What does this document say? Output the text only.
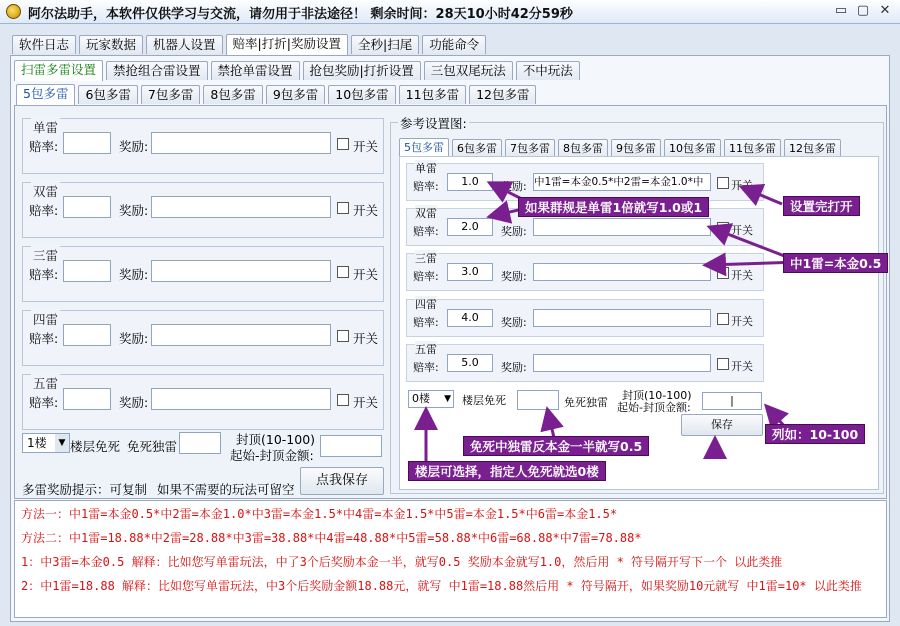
阿尔法助手，本软件仅供学习与交流，请勿用于非法途径！ 剩余时间：28天10小时42分59秒	▭ ▢ ✕
软件日志	玩家数据	机器人设置	赔率|打折|奖励设置	全秒|扫尾	功能命令
扫雷多雷设置	禁抢组合雷设置	禁抢单雷设置	抢包奖励|打折设置	三包双尾玩法	不中玩法
5包多雷	6包多雷	7包多雷	8包多雷	9包多雷	10包多雷	11包多雷	12包多雷
单雷
赔率:	奖励:	开关
双雷
赔率:	奖励:	开关
三雷
赔率:	奖励:	开关
四雷
赔率:	奖励:	开关
五雷
赔率:	奖励:	开关
1楼	▼ 楼层免死 免死独雷	封顶(10-100)
起始-封顶金额:
多雷奖励提示：可复制 如果不需要的玩法可留空
点我保存
参考设置图:
5包多雷	6包多雷	7包多雷	8包多雷	9包多雷	10包多雷	11包多雷	12包多雷
单雷
赔率:	1.0	奖励: 中1雷=本金0.5*中2雷=本金1.0*中	开关
双雷
赔率:	2.0	奖励:	开关
三雷
赔率:	3.0	奖励:	开关
四雷
赔率:	4.0	奖励:	开关
五雷
赔率:	5.0	奖励:	开关
0楼 ▼ 楼层免死	免死独雷
封顶(10-100)
起始-封顶金额:
|
保存
如果群规是单雷1倍就写1.0或1	设置完打开
中1雷=本金0.5
免死中独雷反本金一半就写0.5
楼层可选择，指定人免死就选0楼
列如：10-100
方法一：中1雷=本金0.5*中2雷=本金1.0*中3雷=本金1.5*中4雷=本金1.5*中5雷=本金1.5*中6雷=本金1.5*
方法二：中1雷=18.88*中2雷=28.88*中3雷=38.88*中4雷=48.88*中5雷=58.88*中6雷=68.88*中7雷=78.88*
1：中3雷=本金0.5 解释：比如您写单雷玩法，中了3个后奖励本金一半，就写0.5 奖励本金就写1.0，然后用 * 符号隔开写下一个 以此类推
2：中1雷=18.88 解释：比如您写单雷玩法，中3个后奖励金额18.88元，就写 中1雷=18.88然后用 * 符号隔开，如果奖励10元就写 中1雷=10* 以此类推
